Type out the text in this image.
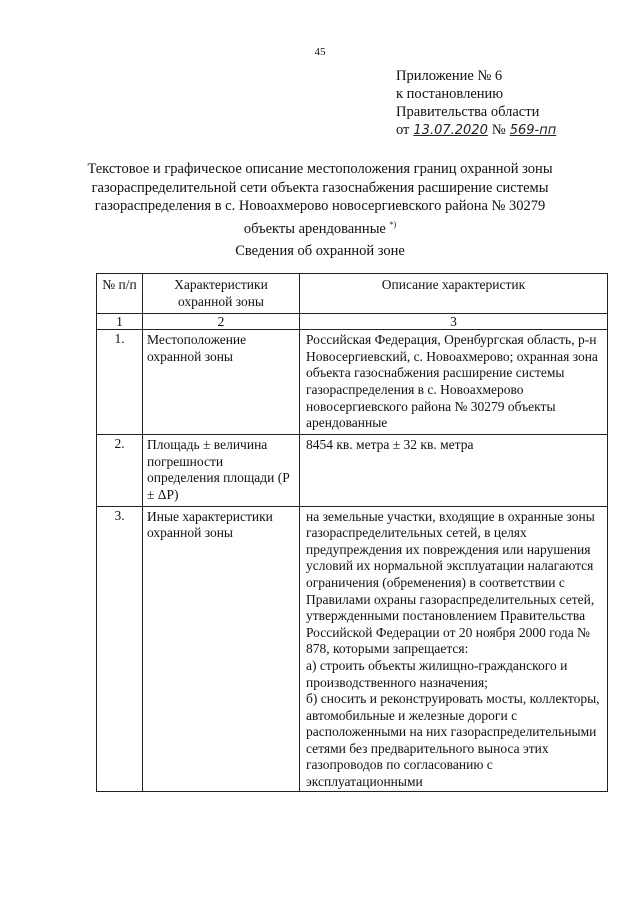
45
Приложение № 6
к постановлению
Правительства области
от 13.07.2020 № 569-пп
Текстовое и графическое описание местоположения границ охранной зоны газораспределительной сети объекта газоснабжения расширение системы газораспределения в с. Новоахмерово новосергиевского района № 30279 объекты арендованные *)
Сведения об охранной зоне
№ п/п	Характеристики охранной зоны	Описание характеристик
1	2	3
1.	Местоположение охранной зоны	Российская Федерация, Оренбургская область, р-н Новосергиевский, с. Новоахмерово; охранная зона объекта газоснабжения расширение системы газораспределения в с. Новоахмерово новосергиевского района № 30279 объекты арендованные
2.	Площадь ± величина погрешности определения площади (P ± ΔP)	8454 кв. метра ± 32 кв. метра
3.	Иные характеристики охранной зоны	на земельные участки, входящие в охранные зоны газораспределительных сетей, в целях предупреждения их повреждения или нарушения условий их нормальной эксплуатации налагаются ограничения (обременения) в соответствии с Правилами охраны газораспределительных сетей, утвержденными постановлением Правительства Российской Федерации от 20 ноября 2000 года № 878, которыми запрещается:
а) строить объекты жилищно-гражданского и производственного назначения;
б) сносить и реконструировать мосты, коллекторы, автомобильные и железные дороги с расположенными на них газораспределительными сетями без предварительного выноса этих газопроводов по согласованию с эксплуатационными
